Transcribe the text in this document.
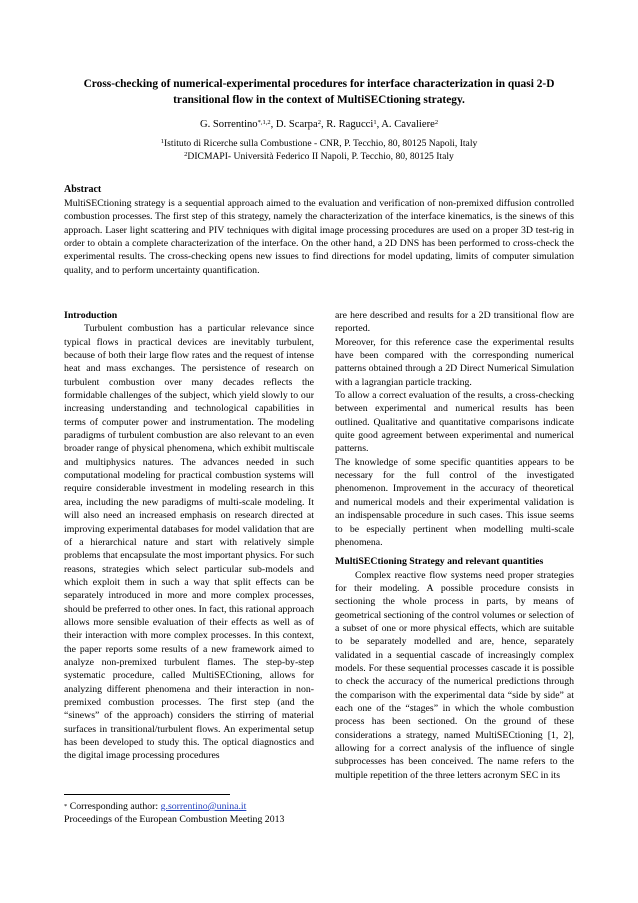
Cross-checking of numerical-experimental procedures for interface characterization in quasi 2-D transitional flow in the context of MultiSECtioning strategy.
G. Sorrentino$^{*,1,2}$, D. Scarpa$^2$, R. Ragucci$^1$, A. Cavaliere$^2$
$^1$Istituto di Ricerche sulla Combustione - CNR, P. Tecchio, 80, 80125 Napoli, Italy
$^2$DICMAPI- Università Federico II Napoli, P. Tecchio, 80, 80125 Italy
Abstract
MultiSECtioning strategy is a sequential approach aimed to the evaluation and verification of non-premixed diffusion controlled combustion processes. The first step of this strategy, namely the characterization of the interface kinematics, is the sinews of this approach. Laser light scattering and PIV techniques with digital image processing procedures are used on a proper 3D test-rig in order to obtain a complete characterization of the interface. On the other hand, a 2D DNS has been performed to cross-check the experimental results. The cross-checking opens new issues to find directions for model updating, limits of computer simulation quality, and to perform uncertainty quantification.
Introduction

Turbulent combustion has a particular relevance since typical flows in practical devices are inevitably turbulent, because of both their large flow rates and the request of intense heat and mass exchanges. The persistence of research on turbulent combustion over many decades reflects the formidable challenges of the subject, which yield slowly to our increasing understanding and technological capabilities in terms of computer power and instrumentation. The modeling paradigms of turbulent combustion are also relevant to an even broader range of physical phenomena, which exhibit multiscale and multiphysics natures. The advances needed in such computational modeling for practical combustion systems will require considerable investment in modeling research in this area, including the new paradigms of multi-scale modeling. It will also need an increased emphasis on research directed at improving experimental databases for model validation that are of a hierarchical nature and start with relatively simple problems that encapsulate the most important physics. For such reasons, strategies which select particular sub-models and which exploit them in such a way that split effects can be separately introduced in more and more complex processes, should be preferred to other ones. In fact, this rational approach allows more sensible evaluation of their effects as well as of their interaction with more complex processes. In this context, the paper reports some results of a new framework aimed to analyze non-premixed turbulent flames. The step-by-step systematic procedure, called MultiSECtioning, allows for analyzing different phenomena and their interaction in non-premixed combustion processes. The first step (and the “sinews” of the approach) considers the stirring of material surfaces in transitional/turbulent flows. An experimental setup has been developed to study this. The optical diagnostics and the digital image processing procedures

are here described and results for a 2D transitional flow are reported.

Moreover, for this reference case the experimental results have been compared with the corresponding numerical patterns obtained through a 2D Direct Numerical Simulation with a lagrangian particle tracking.

To allow a correct evaluation of the results, a cross-checking between experimental and numerical results has been outlined. Qualitative and quantitative comparisons indicate quite good agreement between experimental and numerical patterns.

The knowledge of some specific quantities appears to be necessary for the full control of the investigated phenomenon. Improvement in the accuracy of theoretical and numerical models and their experimental validation is an indispensable procedure in such cases. This issue seems to be especially pertinent when modelling multi-scale phenomena.

MultiSECtioning Strategy and relevant quantities

Complex reactive flow systems need proper strategies for their modeling. A possible procedure consists in sectioning the whole process in parts, by means of geometrical sectioning of the control volumes or selection of a subset of one or more physical effects, which are suitable to be separately modelled and are, hence, separately validated in a sequential cascade of increasingly complex models. For these sequential processes cascade it is possible to check the accuracy of the numerical predictions through the comparison with the experimental data “side by side” at each one of the “stages” in which the whole combustion process has been sectioned. On the ground of these considerations a strategy, named MultiSECtioning [1, 2], allowing for a correct analysis of the influence of single subprocesses has been conceived. The name refers to the multiple repetition of the three letters acronym SEC in its

* Corresponding author: g.sorrentino@unina.it
Proceedings of the European Combustion Meeting 2013
